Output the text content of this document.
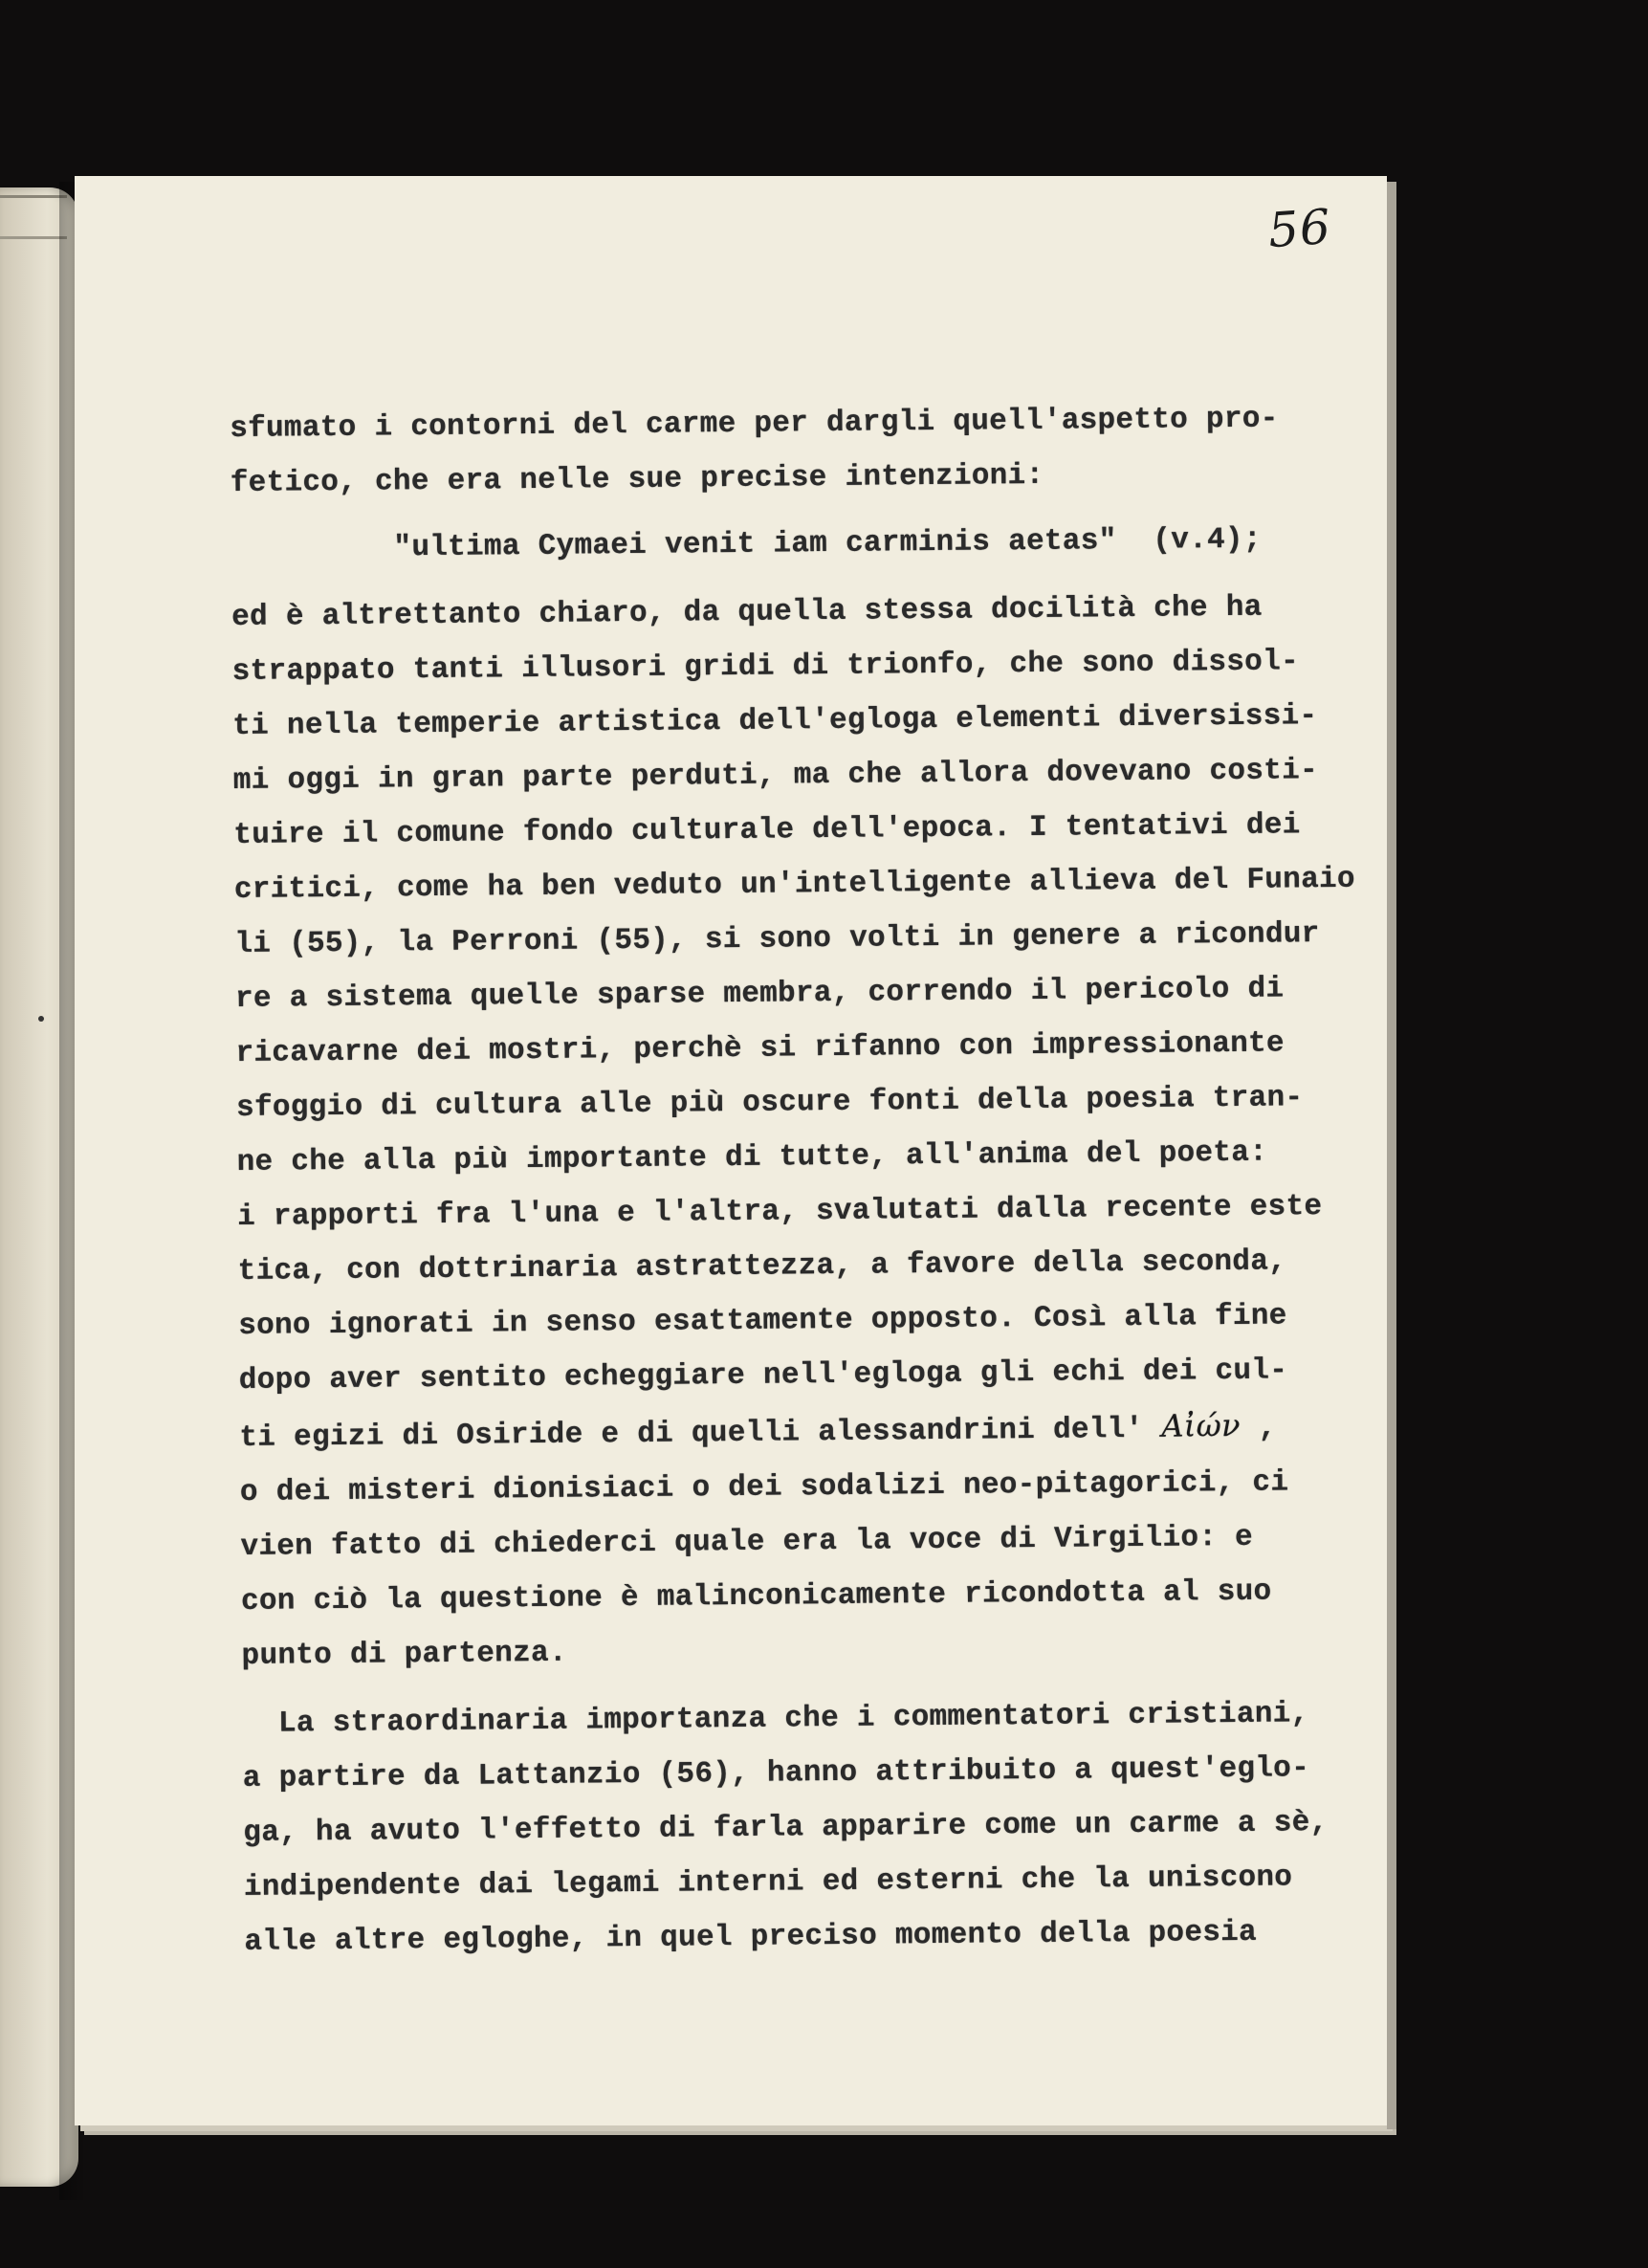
56
sfumato i contorni del carme per dargli quell'aspetto pro-
fetico, che era nelle sue precise intenzioni:
"ultima Cymaei venit iam carminis aetas"  (v.4);
ed è altrettanto chiaro, da quella stessa docilità che ha
strappato tanti illusori gridi di trionfo, che sono dissol-
ti nella temperie artistica dell'egloga elementi diversissi-
mi oggi in gran parte perduti, ma che allora dovevano costi-
tuire il comune fondo culturale dell'epoca. I tentativi dei
critici, come ha ben veduto un'intelligente allieva del Funaio
li (55), la Perroni (55), si sono volti in genere a ricondur
re a sistema quelle sparse membra, correndo il pericolo di
ricavarne dei mostri, perchè si rifanno con impressionante
sfoggio di cultura alle più oscure fonti della poesia tran-
ne che alla più importante di tutte, all'anima del poeta:
i rapporti fra l'una e l'altra, svalutati dalla recente este
tica, con dottrinaria astrattezza, a favore della seconda,
sono ignorati in senso esattamente opposto. Così alla fine
dopo aver sentito echeggiare nell'egloga gli echi dei cul-
ti egizi di Osiride e di quelli alessandrini dell' Αἰών ,
o dei misteri dionisiaci o dei sodalizi neo-pitagorici, ci
vien fatto di chiederci quale era la voce di Virgilio: e
con ciò la questione è malinconicamente ricondotta al suo
punto di partenza.
La straordinaria importanza che i commentatori cristiani,
a partire da Lattanzio (56), hanno attribuito a quest'eglo-
ga, ha avuto l'effetto di farla apparire come un carme a sè,
indipendente dai legami interni ed esterni che la uniscono
alle altre egloghe, in quel preciso momento della poesia
